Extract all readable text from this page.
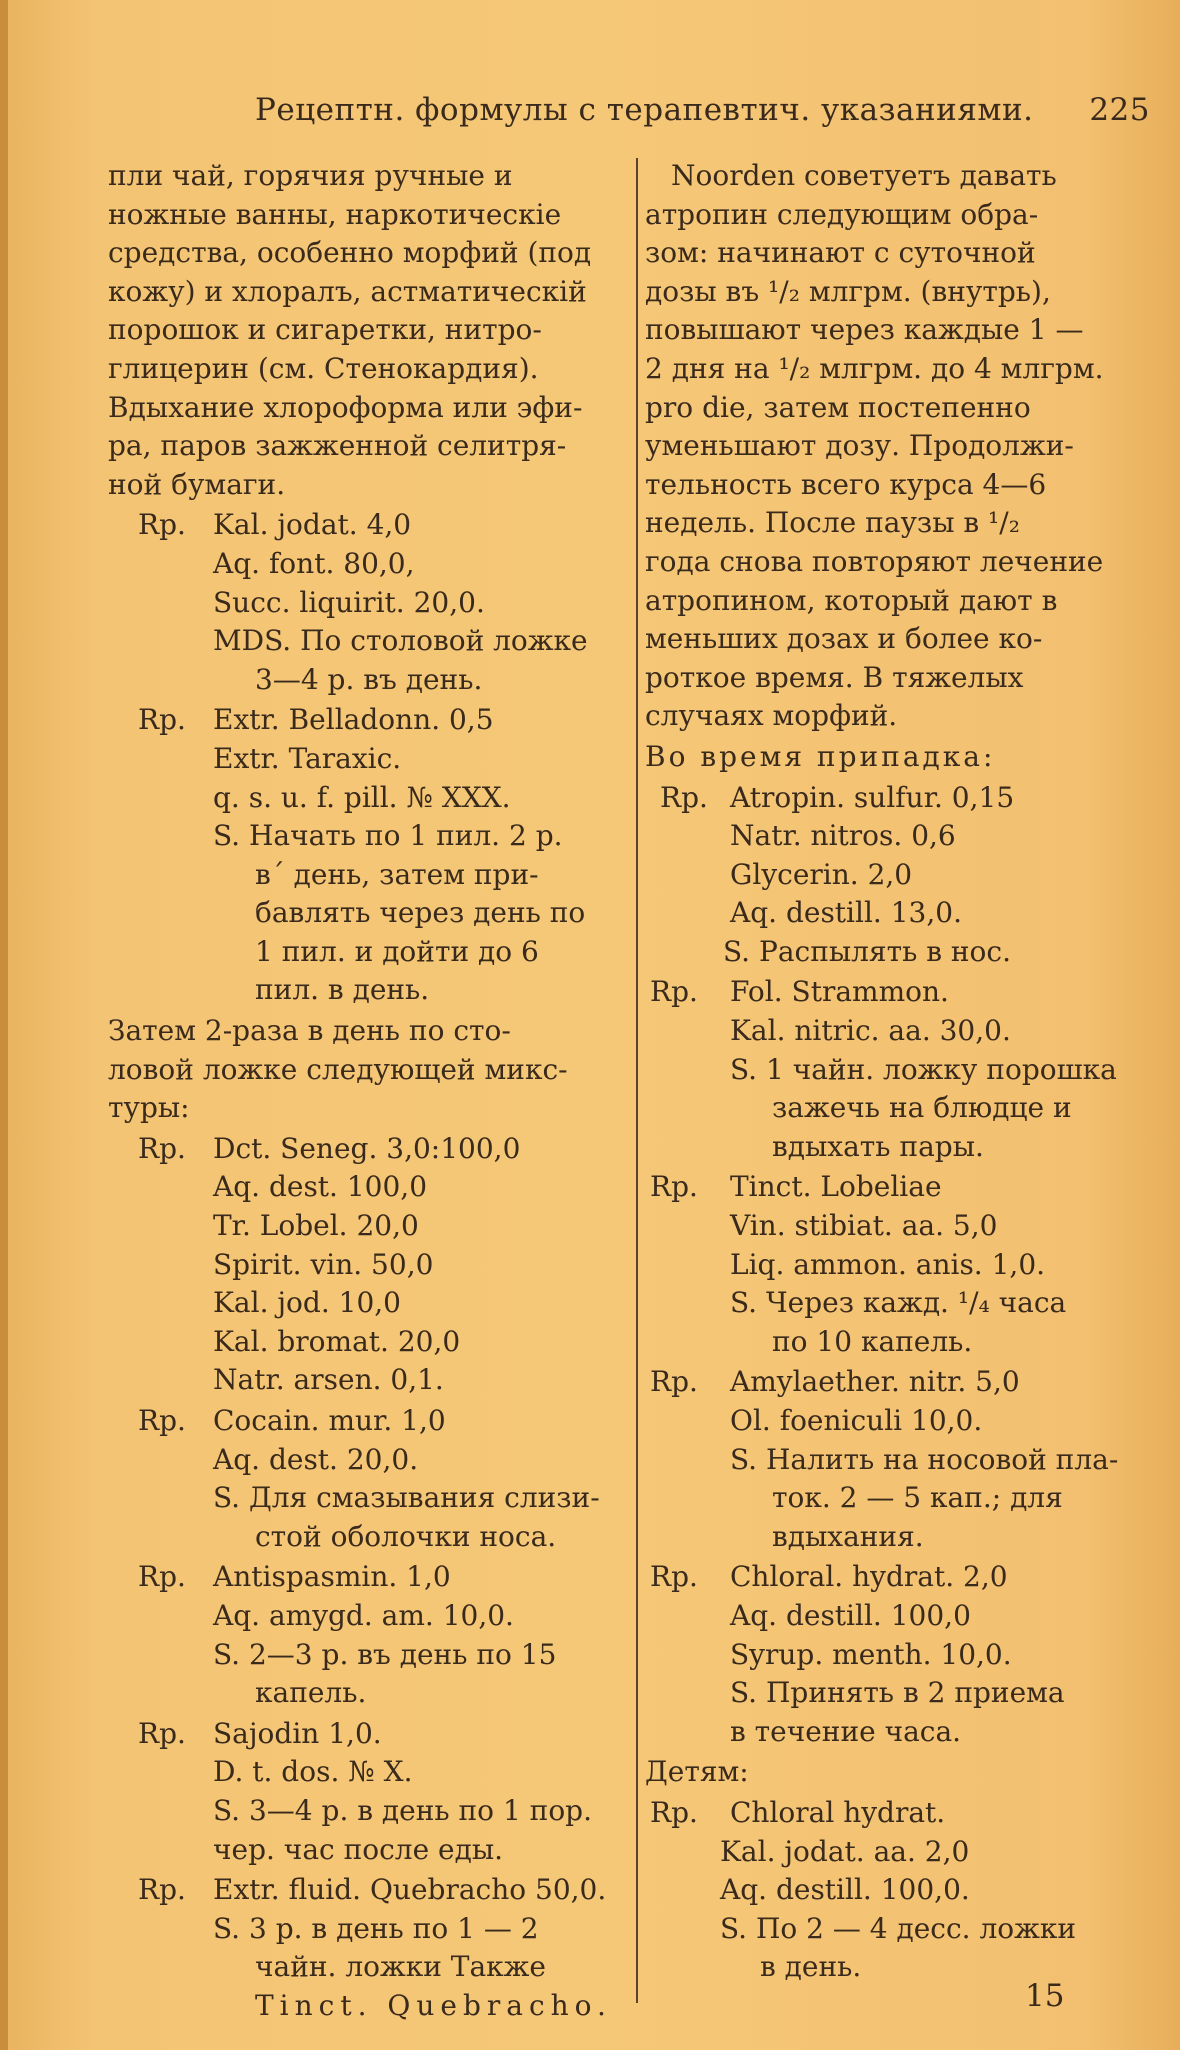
Рецептн. формулы с терапевтич. указаниями. 225
пли чай, горячия ручные и
ножные ванны, наркотическiе
средства, особенно морфий (под
кожу) и хлоралъ, астматическiй
порошок и сигаретки, нитро-
глицерин (см. Стенокардия).
Вдыхание хлороформа или эфи-
ра, паров зажженной селитря-
ной бумаги.
Rp. Kal. jodat. 4,0
Aq. font. 80,0,
Succ. liquirit. 20,0.
MDS. По столовой ложке
3—4 р. въ день.
Rp. Extr. Belladonn. 0,5
Extr. Taraxic.
q. s. u. f. pill. № XXX.
S. Начать по 1 пил. 2 р.
в´ день, затем при-
бавлять через день по
1 пил. и дойти до 6
пил. в день.
Затем 2-раза в день по сто-
ловой ложке следующей микс-
туры:
Rp. Dct. Seneg. 3,0:100,0
Aq. dest. 100,0
Tr. Lobel. 20,0
Spirit. vin. 50,0
Kal. jod. 10,0
Kal. bromat. 20,0
Natr. arsen. 0,1.
Rp. Cocain. mur. 1,0
Aq. dest. 20,0.
S. Для смазывания слизи-
стой оболочки носа.
Rp. Antispasmin. 1,0
Aq. amygd. am. 10,0.
S. 2—3 р. въ день по 15
капель.
Rp. Sajodin 1,0.
D. t. dos. № X.
S. 3—4 р. в день по 1 пор.
чер. час после еды.
Rp. Extr. fluid. Quebracho 50,0.
S. 3 р. в день по 1 — 2
чайн. ложки Также
Tinct. Quebracho.
Noorden советуетъ давать
атропин следующим обра-
зом: начинают с суточной
дозы въ ¹/₂ млгрм. (внутрь),
повышают через каждые 1 —
2 дня на ¹/₂ млгрм. до 4 млгрм.
pro die, затем постепенно
уменьшают дозу. Продолжи-
тельность всего курса 4—6
недель. После паузы в ¹/₂
года снова повторяют лечение
атропином, который дают в
меньших дозах и более ко-
роткое время. В тяжелых
случаях морфий.
Во время припадка:
Rp. Atropin. sulfur. 0,15
Natr. nitros. 0,6
Glycerin. 2,0
Aq. destill. 13,0.
S. Распылять в нос.
Rp. Fol. Strammon.
Kal. nitric. aa. 30,0.
S. 1 чайн. ложку порошка
зажечь на блюдце и
вдыхать пары.
Rp. Tinct. Lobeliae
Vin. stibiat. aa. 5,0
Liq. ammon. anis. 1,0.
S. Через кажд. ¹/₄ часа
по 10 капель.
Rp. Amylaether. nitr. 5,0
Ol. foeniculi 10,0.
S. Налить на носовой пла-
ток. 2 — 5 кап.; для
вдыхания.
Rp. Chloral. hydrat. 2,0
Aq. destill. 100,0
Syrup. menth. 10,0.
S. Принять в 2 приема
в течение часа.
Детям:
Rp. Chloral hydrat.
Kal. jodat. aa. 2,0
Aq. destill. 100,0.
S. По 2 — 4 десс. ложки
в день.
15
